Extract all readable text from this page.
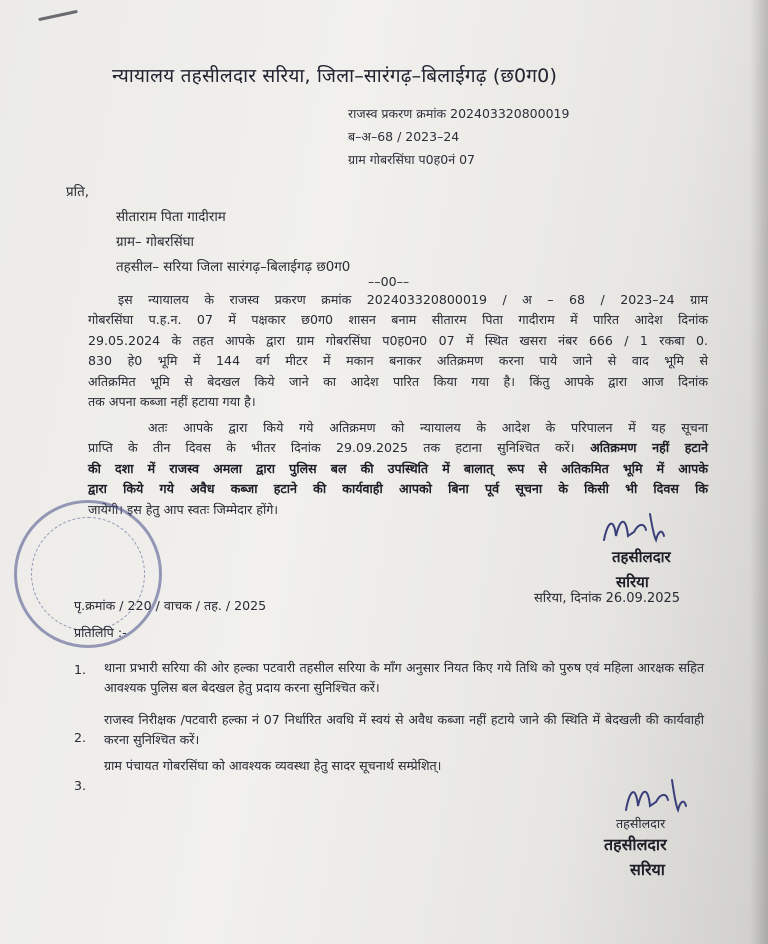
न्यायालय तहसीलदार सरिया, जिला–सारंगढ़–बिलाईगढ़ (छ0ग0)
राजस्व प्रकरण क्रमांक 202403320800019
ब–अ–68 / 2023–24
ग्राम गोबरसिंघा प0ह0नं 07
प्रति,
सीताराम पिता गादीराम
ग्राम– गोबरसिंघा
तहसील– सरिया जिला सारंगढ़–बिलाईगढ़ छ0ग0
––00––
इस न्यायालय के राजस्व प्रकरण क्रमांक 202403320800019 / अ – 68 / 2023–24 ग्राम
गोबरसिंघा प.ह.न. 07 में पक्षकार छ0ग0 शासन बनाम सीतारम पिता गादीराम में पारित आदेश दिनांक
29.05.2024 के तहत आपके द्वारा ग्राम गोबरसिंघा प0ह0न0 07 में स्थित खसरा नंबर 666 / 1 रकबा 0.
830 हे0 भूमि में 144 वर्ग मीटर में मकान बनाकर अतिक्रमण करना पाये जाने से वाद भूमि से
अतिक्रमित भूमि से बेदखल किये जाने का आदेश पारित किया गया है। किंतु आपके द्वारा आज दिनांक
तक अपना कब्जा नहीं हटाया गया है।
अतः आपके द्वारा किये गये अतिक्रमण को न्यायालय के आदेश के परिपालन में यह सूचना
प्राप्ति के तीन दिवस के भीतर दिनांक 29.09.2025 तक हटाना सुनिश्चित करें। अतिक्रमण नहीं हटाने
की दशा में राजस्व अमला द्वारा पुलिस बल की उपस्थिति में बालात् रूप से अतिकमित भूमि में आपके
द्वारा किये गये अवैध कब्जा हटाने की कार्यवाही आपको बिना पूर्व सूचना के किसी भी दिवस कि
जायेगी। इस हेतु आप स्वतः जिम्मेदार होंगे।
तहसीलदार
सरिया
सरिया, दिनांक 26.09.2025
पृ.क्रमांक / 220 / वाचक / तह. / 2025
प्रतिलिपि :-
1. थाना प्रभारी सरिया की ओर हल्का पटवारी तहसील सरिया के मॉंग अनुसार नियत किए गये तिथि को पुरुष एवं महिला आरक्षक सहित आवश्यक पुलिस बल बेदखल हेतु प्रदाय करना सुनिश्चित करें।
2.
राजस्व निरीक्षक /पटवारी हल्का नं 07 निर्धारित अवधि में स्वयं से अवैध कब्जा नहीं हटाये जाने की स्थिति में बेदखली की कार्यवाही करना सुनिश्चित करें।
3.
ग्राम पंचायत गोबरसिंघा को आवश्यक व्यवस्था हेतु सादर सूचनार्थ सम्प्रेशित्।
तहसीलदार
तहसीलदार
सरिया
